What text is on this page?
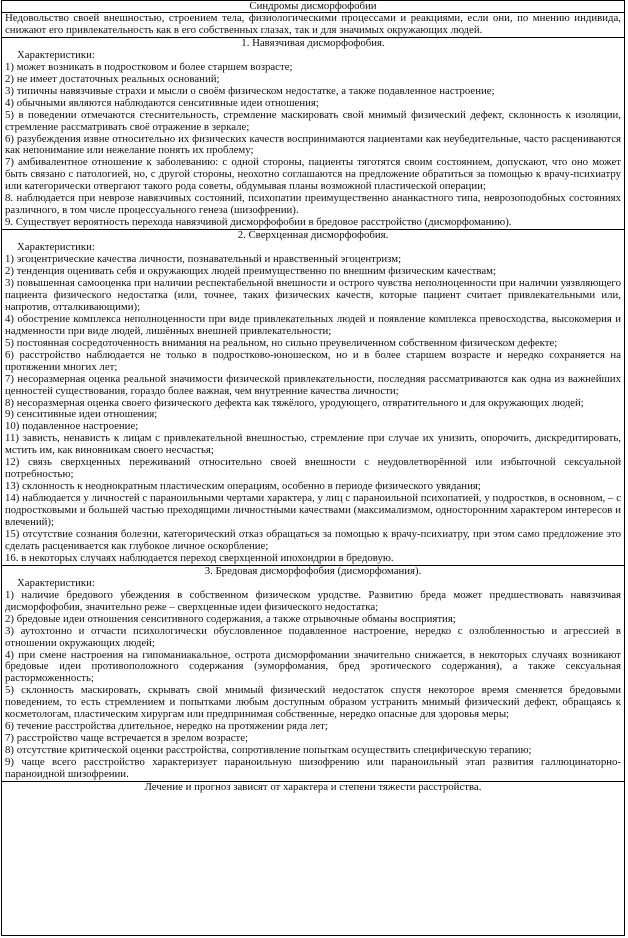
Синдромы дисморфофобии
Недовольство своей внешностью, строением тела, физиологическими процессами и реакциями, если они, по мнению индивида, снижают его привлекательность как в его собственных глазах, так и для значимых окружающих людей.
1. Навязчивая дисморфофобия.
Характеристики:
1) может возникать в подростковом и более старшем возрасте;
2) не имеет достаточных реальных оснований;
3) типичны навязчивые страхи и мысли о своём физическом недостатке, а также подавленное настроение;
4) обычными являются наблюдаются сенситивные идеи отношения;
5) в поведении отмечаются стеснительность, стремление маскировать свой мнимый физический дефект, склонность к изоляции, стремление рассматривать своё отражение в зеркале;
6) разубеждения извне относительно их физических качеств воспринимаются пациентами как неубедительные, часто расцениваются как непонимание или нежелание понять их проблему;
7) амбивалентное отношение к заболеванию: с одной стороны, пациенты тяготятся своим состоянием, допускают, что оно может быть связано с патологией, но, с другой стороны, неохотно соглашаются на предложение обратиться за помощью к врачу-психиатру или категорически отвергают такого рода советы, обдумывая планы возможной пластической операции;
8. наблюдается при неврозе навязчивых состояний, психопатии преимущественно ананкастного типа, неврозоподобных состояниях различного, в том числе процессуального генеза (шизофрении).
9. Существует вероятность перехода навязчивой дисморфофобии в бредовое расстройство (дисморфоманию).
2. Сверхценная дисморфофобия.
Характеристики:
1) эгоцентрические качества личности, познавательный и нравственный эгоцентризм;
2) тенденция оценивать себя и окружающих людей преимущественно по внешним физическим качествам;
3) повышенная самооценка при наличии респектабельной внешности и острого чувства неполноценности при наличии уязвляющего пациента физического недостатка (или, точнее, таких физических качеств, которые пациент считает привлекательными или, напротив, отталкивающими);
4) обострение комплекса неполноценности при виде привлекательных людей и появление комплекса превосходства, высокомерия и надменности при виде людей, лишённых внешней привлекательности;
5) постоянная сосредоточенность внимания на реальном, но сильно преувеличенном собственном физическом дефекте;
6) расстройство наблюдается не только в подростково-юношеском, но и в более старшем возрасте и нередко сохраняется на протяжении многих лет;
7) несоразмерная оценка реальной значимости физической привлекательности, последняя рассматриваются как одна из важнейших ценностей существования, гораздо более важная, чем внутренние качества личности;
8) несоразмерная оценка своего физического дефекта как тяжёлого, уродующего, отвратительного и для окружающих людей;
9) сенситивные идеи отношения;
10) подавленное настроение;
11) зависть, ненависть к лицам с привлекательной внешностью, стремление при случае их унизить, опорочить, дискредитировать, мстить им, как виновникам своего несчастья;
12) связь сверхценных переживаний относительно своей внешности с неудовлетворённой или избыточной сексуальной потребностью;
13) склонность к неоднократным пластическим операциям, особенно в периоде физического увядания;
14) наблюдается у личностей с параноильными чертами характера, у лиц с параноильной психопатией, у подростков, в основном, – с подростковыми и большей частью преходящими личностными качествами (максимализмом, односторонним характером интересов и влечений);
15) отсутствие сознания болезни, категорический отказ обращаться за помощью к врачу-психиатру, при этом само предложение это сделать расценивается как глубокое личное оскорбление;
16. в некоторых случаях наблюдается переход сверхценной ипохондрии в бредовую.
3. Бредовая дисморфофобия (дисморфомания).
Характеристики:
1) наличие бредового убеждения в собственном физическом уродстве. Развитию бреда может предшествовать навязчивая дисморфофобия, значительно реже – сверхценные идеи физического недостатка;
2) бредовые идеи отношения сенситивного содержания, а также отрывочные обманы восприятия;
3) аутохтонно и отчасти психологически обусловленное подавленное настроение, нередко с озлобленностью и агрессией в отношении окружающих людей;
4) при смене настроения на гипоманиакальное, острота дисморфомании значительно снижается, в некоторых случаях возникают бредовые идеи противоположного содержания (эуморфомания, бред эротического содержания), а также сексуальная расторможенность;
5) склонность маскировать, скрывать свой мнимый физический недостаток спустя некоторое время сменяется бредовыми поведением, то есть стремлением и попытками любым доступным образом устранить мнимый физический дефект, обращаясь к косметологам, пластическим хирургам или предпринимая собственные, нередко опасные для здоровья меры;
6) течение расстройства длительное, нередко на протяжении ряда лет;
7) расстройство чаще встречается в зрелом возрасте;
8) отсутствие критической оценки расстройства, сопротивление попыткам осуществить специфическую терапию;
9) чаще всего расстройство характеризует параноильную шизофрению или параноильный этап развития галлюцинаторно-параноидной шизофрении.
Лечение и прогноз зависят от характера и степени тяжести расстройства.
